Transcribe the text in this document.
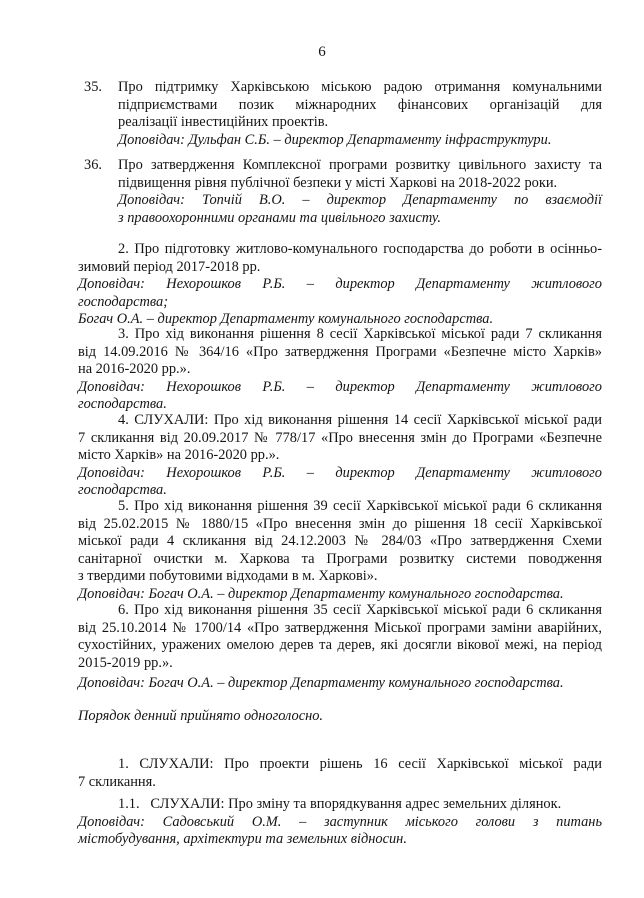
6
35. Про підтримку Харківською міською радою отримання комунальними
підприємствами позик міжнародних фінансових організацій для
реалізації інвестиційних проектів.
Доповідач: Дульфан С.Б. – директор Департаменту інфраструктури.
36. Про затвердження Комплексної програми розвитку цивільного захисту та
підвищення рівня публічної безпеки у місті Харкові на 2018-2022 роки.
Доповідач: Топчій В.О. – директор Департаменту по взаємодії
з правоохоронними органами та цивільного захисту.
2. Про підготовку житлово-комунального господарства до роботи в осінньо-
зимовий період 2017-2018 рр.
Доповідач: Нехорошков Р.Б. – директор Департаменту житлового
господарства;
Богач О.А. – директор Департаменту комунального господарства.
3. Про хід виконання рішення 8 сесії Харківської міської ради 7 скликання
від 14.09.2016 № 364/16 «Про затвердження Програми «Безпечне місто Харків»
на 2016-2020 рр.».
Доповідач: Нехорошков Р.Б. – директор Департаменту житлового
господарства.
4. СЛУХАЛИ: Про хід виконання рішення 14 сесії Харківської міської ради
7 скликання від 20.09.2017 № 778/17 «Про внесення змін до Програми «Безпечне
місто Харків» на 2016-2020 рр.».
Доповідач: Нехорошков Р.Б. – директор Департаменту житлового
господарства.
5. Про хід виконання рішення 39 сесії Харківської міської ради 6 скликання
від 25.02.2015 № 1880/15 «Про внесення змін до рішення 18 сесії Харківської
міської ради 4 скликання від 24.12.2003 № 284/03 «Про затвердження Схеми
санітарної очистки м. Харкова та Програми розвитку системи поводження
з твердими побутовими відходами в м. Харкові».
Доповідач: Богач О.А. – директор Департаменту комунального господарства.
6. Про хід виконання рішення 35 сесії Харківської міської ради 6 скликання
від 25.10.2014 № 1700/14 «Про затвердження Міської програми заміни аварійних,
сухостійних, уражених омелою дерев та дерев, які досягли вікової межі, на період
2015-2019 рр.».
Доповідач: Богач О.А. – директор Департаменту комунального господарства.
Порядок денний прийнято одноголосно.
1. СЛУХАЛИ: Про проекти рішень 16 сесії Харківської міської ради
7 скликання.
1.1.   СЛУХАЛИ: Про зміну та впорядкування адрес земельних ділянок.
Доповідач: Садовський О.М. – заступник міського голови з питань
містобудування, архітектури та земельних відносин.
